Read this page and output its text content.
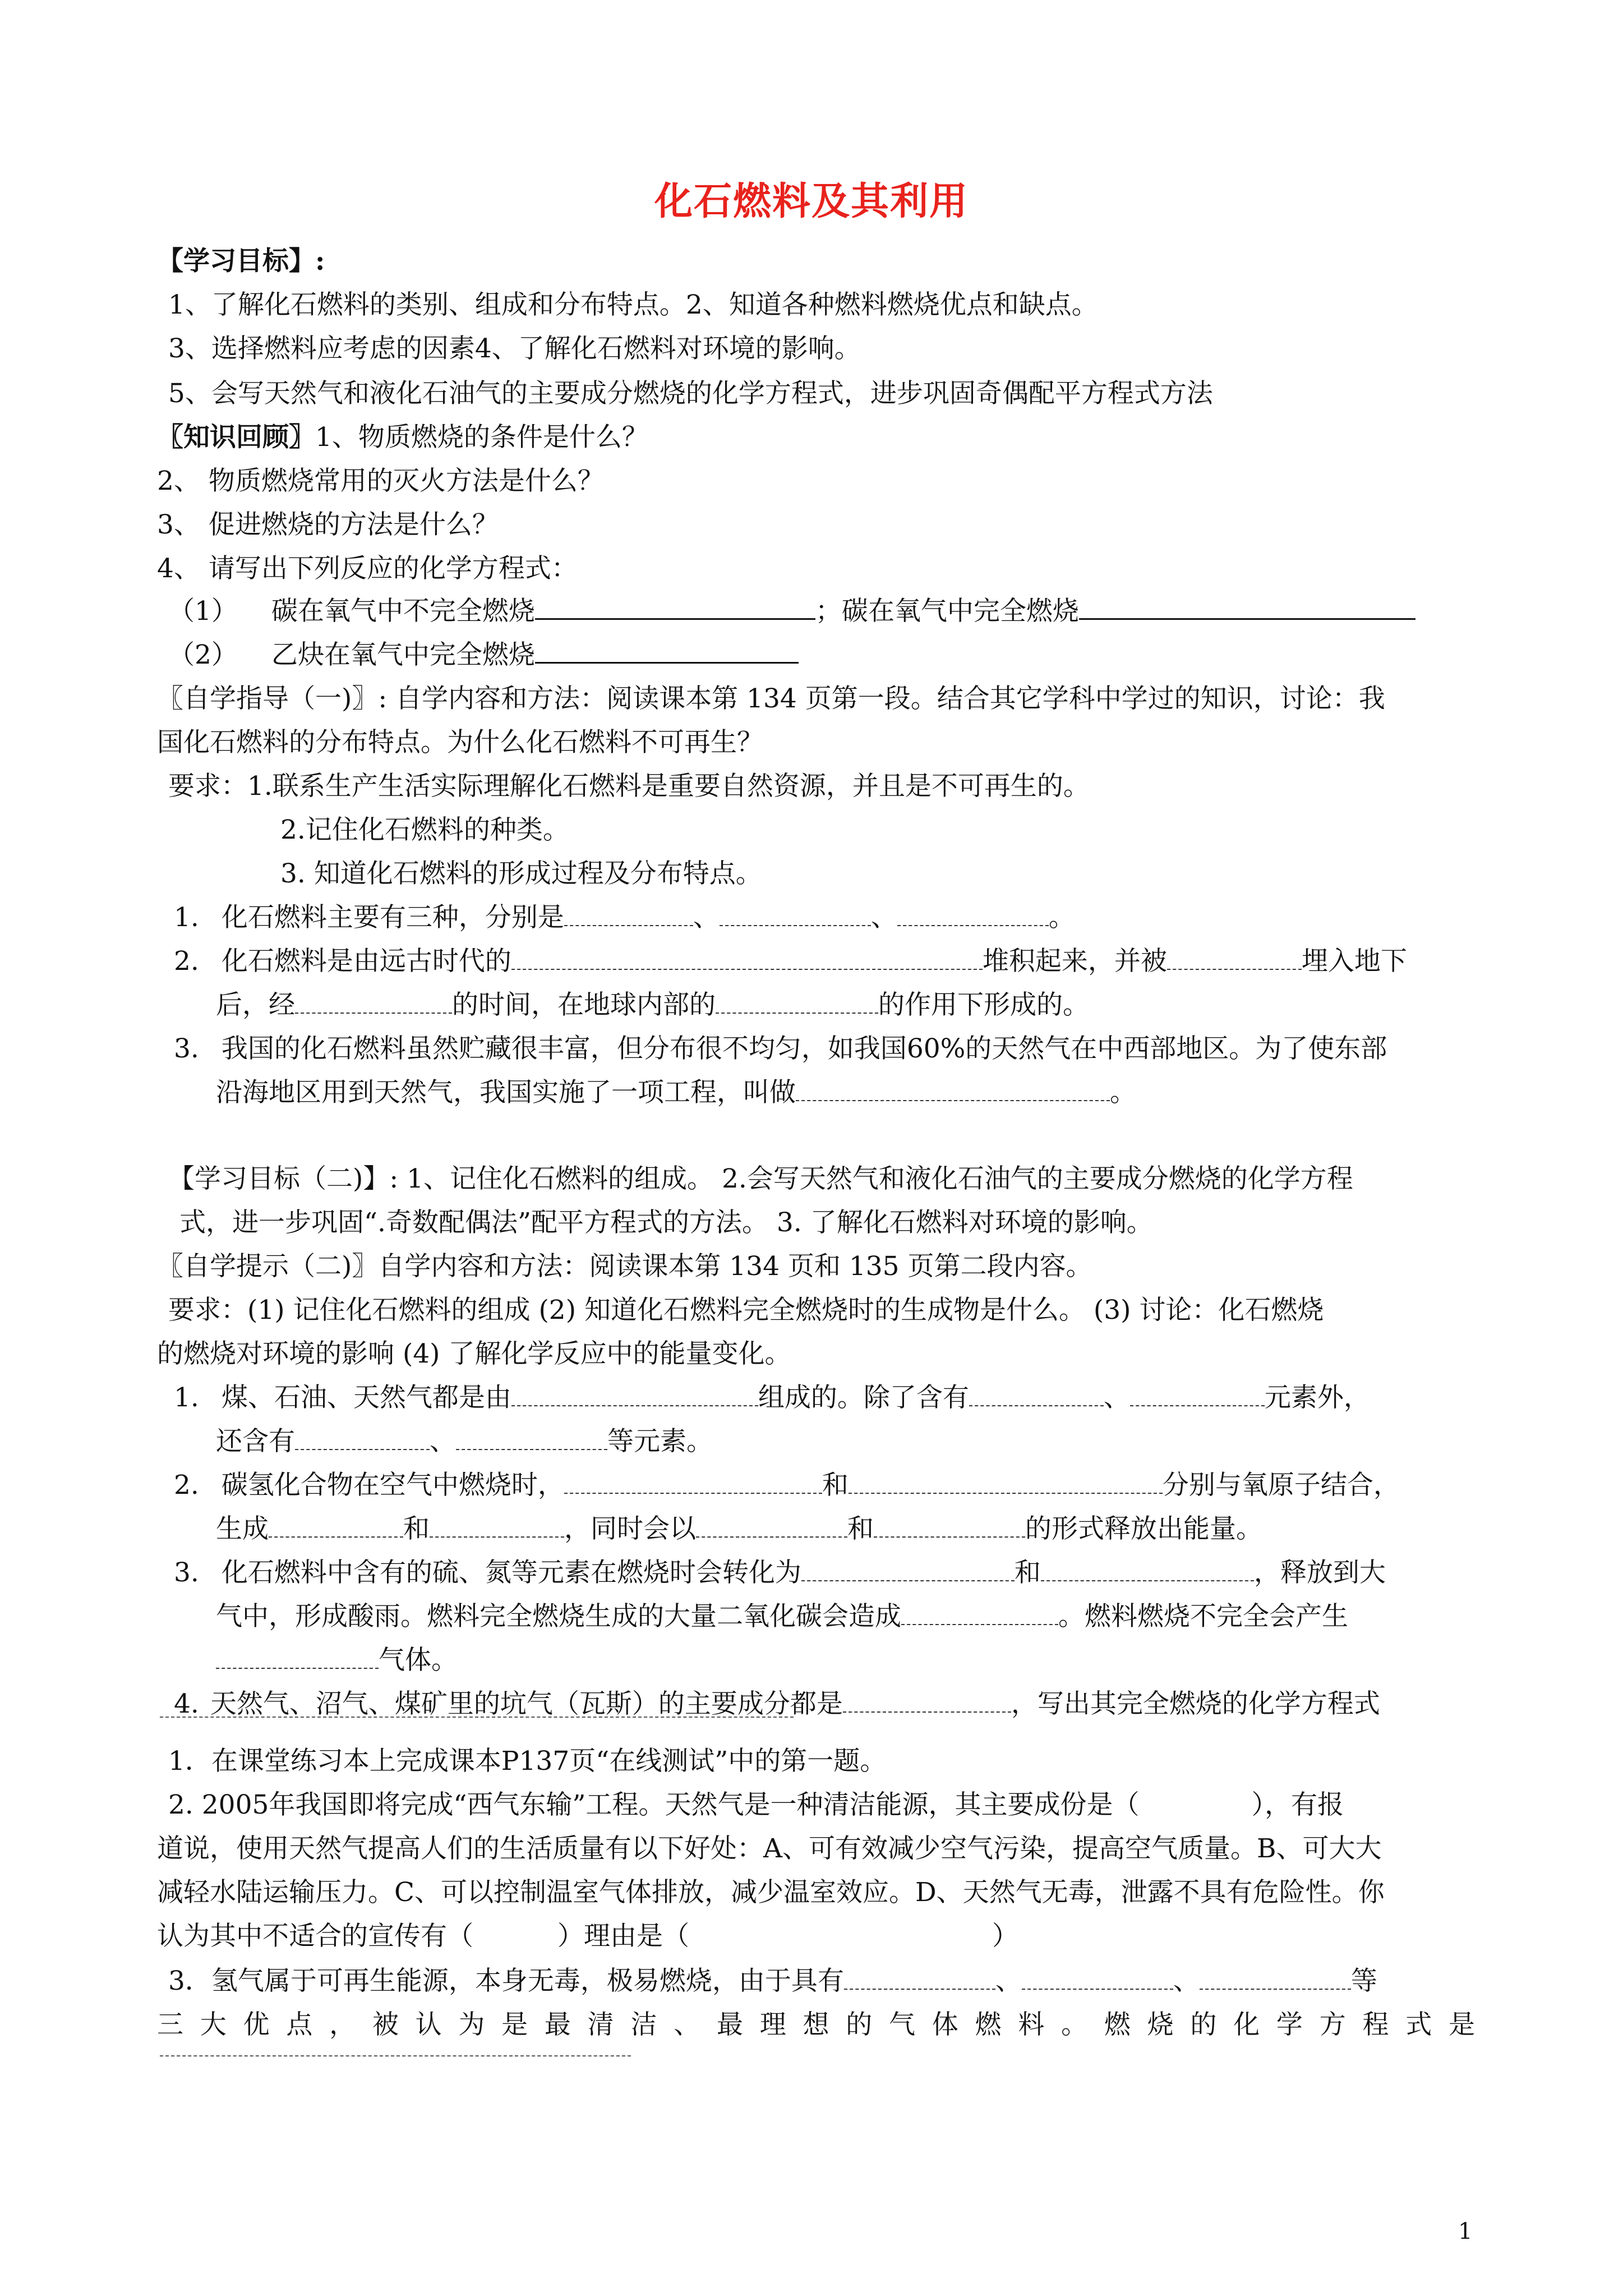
化石燃料及其利用
【学习目标】:
1、了解化石燃料的类别、组成和分布特点。2、知道各种燃料燃烧优点和缺点。
3、选择燃料应考虑的因素4、了解化石燃料对环境的影响。
5、会写天然气和液化石油气的主要成分燃烧的化学方程式，进步巩固奇偶配平方程式方法
〖知识回顾〗1、物质燃烧的条件是什么？
2、 物质燃烧常用的灭火方法是什么？
3、 促进燃烧的方法是什么？
4、 请写出下列反应的化学方程式：
（1） 碳在氧气中不完全燃烧	；碳在氧气中完全燃烧
（2） 乙炔在氧气中完全燃烧
〖自学指导（一)〗: 自学内容和方法：阅读课本第 134 页第一段。结合其它学科中学过的知识，讨论：我
国化石燃料的分布特点。为什么化石燃料不可再生？
要求：1.联系生产生活实际理解化石燃料是重要自然资源，并且是不可再生的。
2.记住化石燃料的种类。
3. 知道化石燃料的形成过程及分布特点。
1. 化石燃料主要有三种，分别是	、	、	。
2. 化石燃料是由远古时代的	堆积起来，并被	埋入地下
后，经	的时间，在地球内部的	的作用下形成的。
3. 我国的化石燃料虽然贮藏很丰富，但分布很不均匀，如我国60%的天然气在中西部地区。为了使东部
沿海地区用到天然气，我国实施了一项工程，叫做	。
【学习目标（二)】: 1、记住化石燃料的组成。 2.会写天然气和液化石油气的主要成分燃烧的化学方程
式，进一步巩固“.奇数配偶法”配平方程式的方法。 3. 了解化石燃料对环境的影响。
〖自学提示（二)〗自学内容和方法：阅读课本第 134 页和 135 页第二段内容。
要求：(1) 记住化石燃料的组成 (2) 知道化石燃料完全燃烧时的生成物是什么。 (3) 讨论：化石燃烧
的燃烧对环境的影响 (4) 了解化学反应中的能量变化。
1. 煤、石油、天然气都是由	组成的。除了含有	、	元素外，
还含有	、	等元素。
2. 碳氢化合物在空气中燃烧时，	和	分别与氧原子结合，
生成	和	，同时会以	和	的形式释放出能量。
3. 化石燃料中含有的硫、氮等元素在燃烧时会转化为	和	，释放到大
气中，形成酸雨。燃料完全燃烧生成的大量二氧化碳会造成	。燃料燃烧不完全会产生
气体。
4. 天然气、沼气、煤矿里的坑气（瓦斯）的主要成分都是	，写出其完全燃烧的化学方程式
1．在课堂练习本上完成课本P137页“在线测试”中的第一题。
2. 2005年我国即将完成“西气东输”工程。天然气是一种清洁能源，其主要成份是（	），有报
道说，使用天然气提高人们的生活质量有以下好处：A、可有效减少空气污染，提高空气质量。B、可大大
减轻水陆运输压力。C、可以控制温室气体排放，减少温室效应。D、天然气无毒，泄露不具有危险性。你
认为其中不适合的宣传有（	）理由是（	）
3．氢气属于可再生能源，本身无毒，极易燃烧，由于具有	、	、	等
三 大 优 点 ， 被 认 为 是 最 清 洁 、 最 理 想 的 气 体 燃 料 。 燃 烧 的 化 学 方 程 式 是
1
